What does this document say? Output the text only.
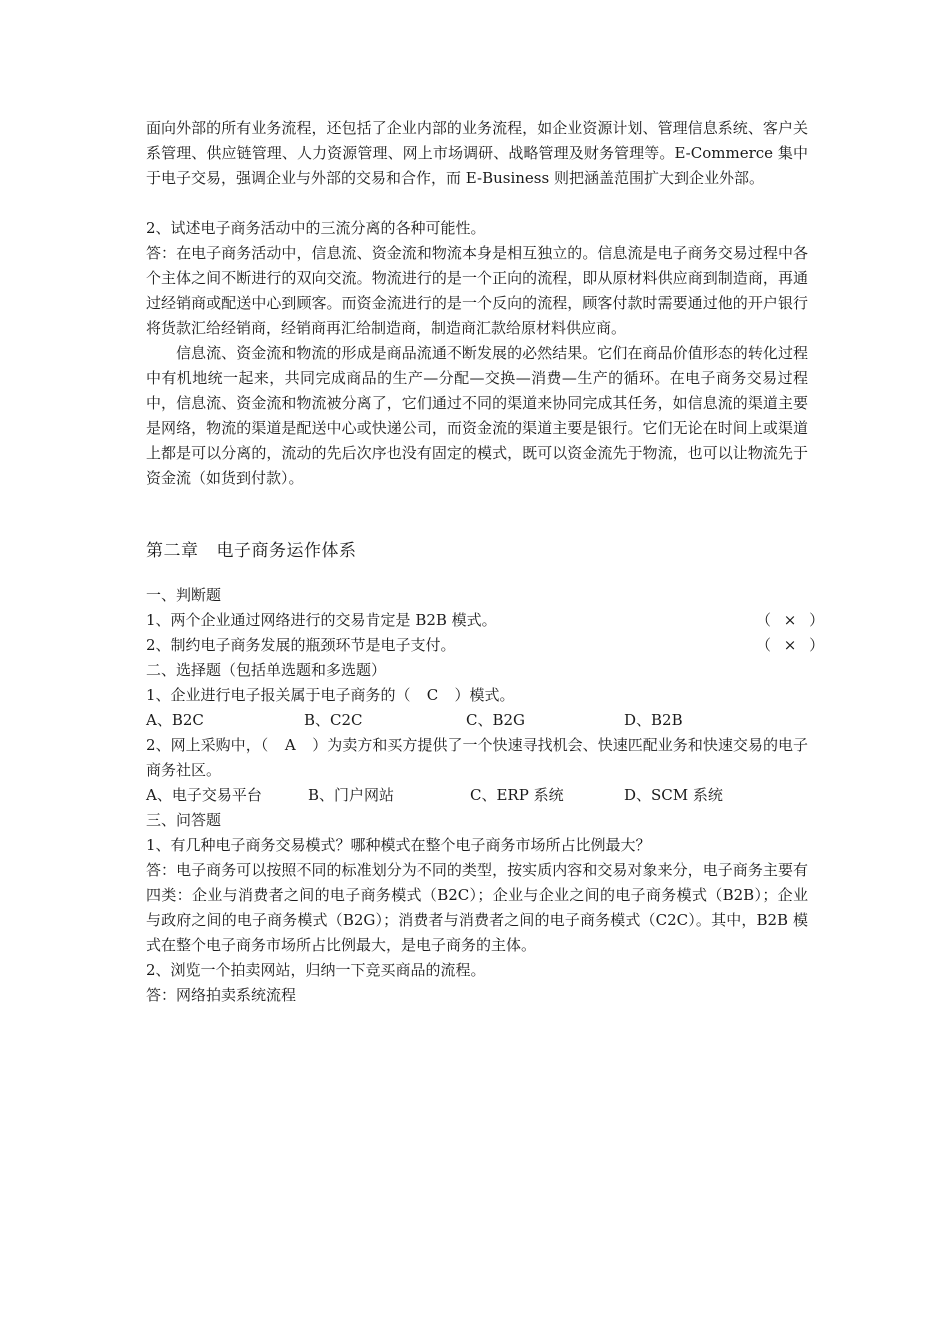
面向外部的所有业务流程，还包括了企业内部的业务流程，如企业资源计划、管理信息系统、客户关系管理、供应链管理、人力资源管理、网上市场调研、战略管理及财务管理等。E-Commerce 集中于电子交易，强调企业与外部的交易和合作，而 E-Business 则把涵盖范围扩大到企业外部。

2、试述电子商务活动中的三流分离的各种可能性。

答：在电子商务活动中，信息流、资金流和物流本身是相互独立的。信息流是电子商务交易过程中各个主体之间不断进行的双向交流。物流进行的是一个正向的流程，即从原材料供应商到制造商，再通过经销商或配送中心到顾客。而资金流进行的是一个反向的流程，顾客付款时需要通过他的开户银行将货款汇给经销商，经销商再汇给制造商，制造商汇款给原材料供应商。

信息流、资金流和物流的形成是商品流通不断发展的必然结果。它们在商品价值形态的转化过程中有机地统一起来，共同完成商品的生产—分配—交换—消费—生产的循环。在电子商务交易过程中，信息流、资金流和物流被分离了，它们通过不同的渠道来协同完成其任务，如信息流的渠道主要是网络，物流的渠道是配送中心或快递公司，而资金流的渠道主要是银行。它们无论在时间上或渠道上都是可以分离的，流动的先后次序也没有固定的模式，既可以资金流先于物流，也可以让物流先于资金流（如货到付款）。

第二章 电子商务运作体系

一、判断题

1、两个企业通过网络进行的交易肯定是 B2B 模式。	（ × ）
2、制约电子商务发展的瓶颈环节是电子支付。	（ × ）

二、选择题（包括单选题和多选题）

1、企业进行电子报关属于电子商务的（ C ）模式。

A、B2C	B、C2C	C、B2G	D、B2B

2、网上采购中，（ A ）为卖方和买方提供了一个快速寻找机会、快速匹配业务和快速交易的电子商务社区。

A、电子交易平台	B、门户网站	C、ERP 系统	D、SCM 系统

三、问答题

1、有几种电子商务交易模式？哪种模式在整个电子商务市场所占比例最大？

答：电子商务可以按照不同的标准划分为不同的类型，按实质内容和交易对象来分，电子商务主要有四类：企业与消费者之间的电子商务模式（B2C）；企业与企业之间的电子商务模式（B2B）；企业与政府之间的电子商务模式（B2G）；消费者与消费者之间的电子商务模式（C2C）。其中，B2B 模式在整个电子商务市场所占比例最大，是电子商务的主体。

2、浏览一个拍卖网站，归纳一下竞买商品的流程。

答：网络拍卖系统流程
